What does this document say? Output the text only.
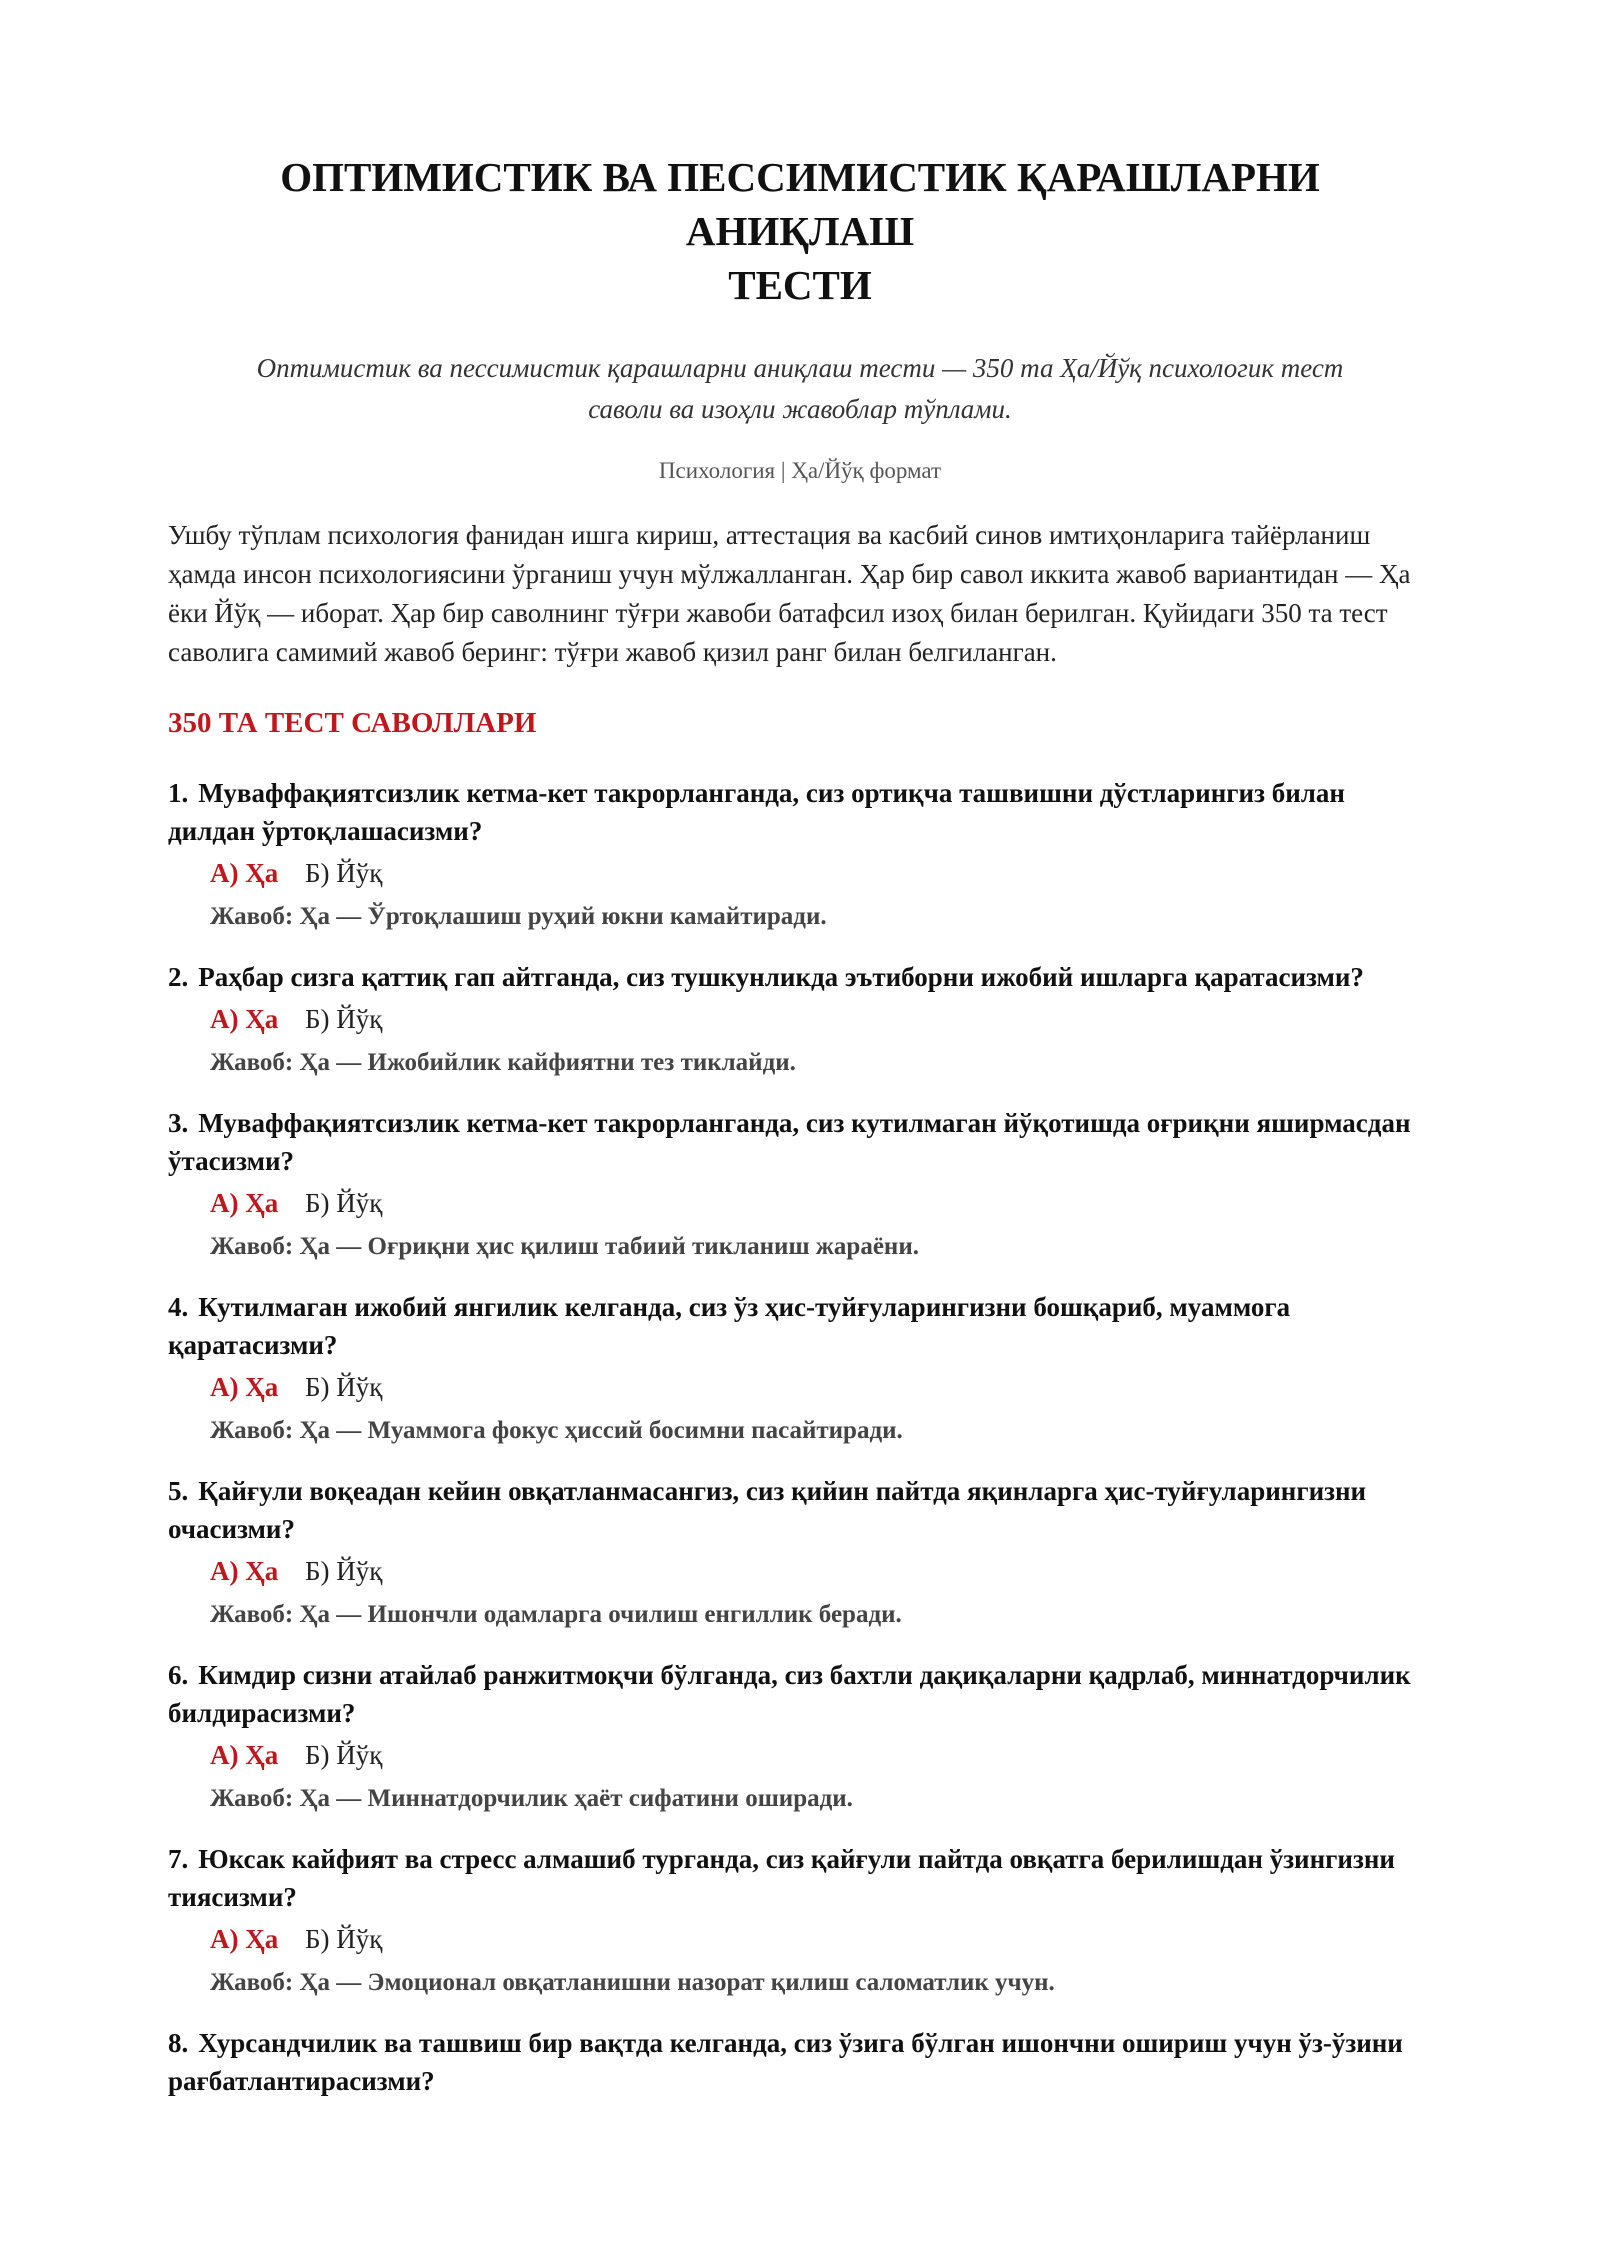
ОПТИМИСТИК ВА ПЕССИМИСТИК ҚАРАШЛАРНИ АНИҚЛАШ
ТЕСТИ
Оптимистик ва пессимистик қарашларни аниқлаш тести — 350 та Ҳа/Йўқ психологик тест
саволи ва изоҳли жавоблар тўплами.
Психология | Ҳа/Йўқ формат
Ушбу тўплам психология фанидан ишга кириш, аттестация ва касбий синов имтиҳонларига тайёрланиш ҳамда инсон психологиясини ўрганиш учун мўлжалланган. Ҳар бир савол иккита жавоб вариантидан — Ҳа ёки Йўқ — иборат. Ҳар бир саволнинг тўғри жавоби батафсил изоҳ билан берилган. Қуйидаги 350 та тест саволига самимий жавоб беринг: тўғри жавоб қизил ранг билан белгиланган.
350 ТА ТЕСТ САВОЛЛАРИ
1. Муваффақиятсизлик кетма-кет такрорланганда, сиз ортиқча ташвишни дўстларингиз билан дилдан ўртоқлашасизми?
А) Ҳа Б) Йўқ
Жавоб: Ҳа — Ўртоқлашиш руҳий юкни камайтиради.
2. Раҳбар сизга қаттиқ гап айтганда, сиз тушкунликда эътиборни ижобий ишларга қаратасизми?
А) Ҳа Б) Йўқ
Жавоб: Ҳа — Ижобийлик кайфиятни тез тиклайди.
3. Муваффақиятсизлик кетма-кет такрорланганда, сиз кутилмаган йўқотишда оғриқни яширмасдан ўтасизми?
А) Ҳа Б) Йўқ
Жавоб: Ҳа — Оғриқни ҳис қилиш табиий тикланиш жараёни.
4. Кутилмаган ижобий янгилик келганда, сиз ўз ҳис-туйғуларингизни бошқариб, муаммога қаратасизми?
А) Ҳа Б) Йўқ
Жавоб: Ҳа — Муаммога фокус ҳиссий босимни пасайтиради.
5. Қайғули воқеадан кейин овқатланмасангиз, сиз қийин пайтда яқинларга ҳис-туйғуларингизни очасизми?
А) Ҳа Б) Йўқ
Жавоб: Ҳа — Ишончли одамларга очилиш енгиллик беради.
6. Кимдир сизни атайлаб ранжитмоқчи бўлганда, сиз бахтли дақиқаларни қадрлаб, миннатдорчилик билдирасизми?
А) Ҳа Б) Йўқ
Жавоб: Ҳа — Миннатдорчилик ҳаёт сифатини оширади.
7. Юксак кайфият ва стресс алмашиб турганда, сиз қайғули пайтда овқатга берилишдан ўзингизни тиясизми?
А) Ҳа Б) Йўқ
Жавоб: Ҳа — Эмоционал овқатланишни назорат қилиш саломатлик учун.
8. Хурсандчилик ва ташвиш бир вақтда келганда, сиз ўзига бўлган ишончни ошириш учун ўз-ўзини рағбатлантирасизми?
